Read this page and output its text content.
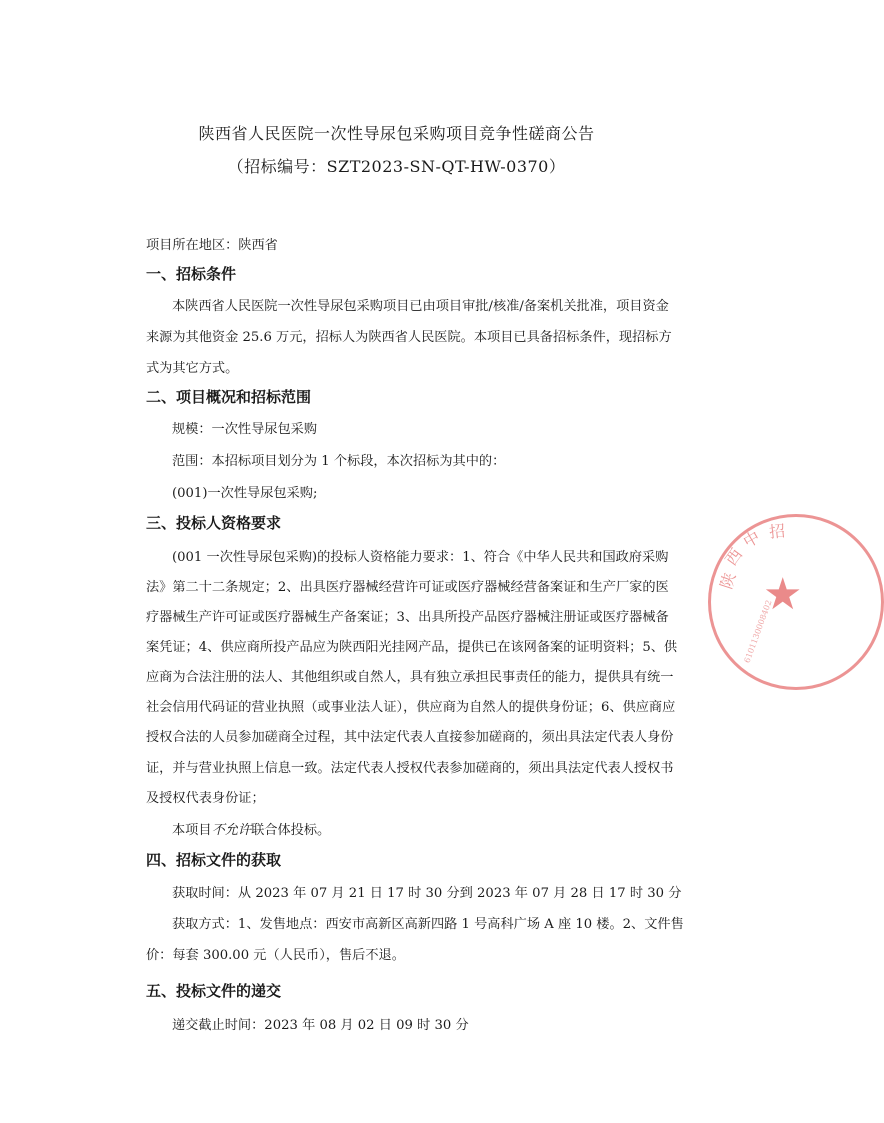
陕西省人民医院一次性导尿包采购项目竞争性磋商公告
（招标编号：SZT2023-SN-QT-HW-0370）
项目所在地区：陕西省
一、招标条件
本陕西省人民医院一次性导尿包采购项目已由项目审批/核准/备案机关批准，项目资金
来源为其他资金 25.6 万元，招标人为陕西省人民医院。本项目已具备招标条件，现招标方
式为其它方式。
二、项目概况和招标范围
规模：一次性导尿包采购
范围：本招标项目划分为 1 个标段，本次招标为其中的：
(001)一次性导尿包采购;
三、投标人资格要求
(001 一次性导尿包采购)的投标人资格能力要求：1、符合《中华人民共和国政府采购
法》第二十二条规定；2、出具医疗器械经营许可证或医疗器械经营备案证和生产厂家的医
疗器械生产许可证或医疗器械生产备案证；3、出具所投产品医疗器械注册证或医疗器械备
案凭证；4、供应商所投产品应为陕西阳光挂网产品，提供已在该网备案的证明资料；5、供
应商为合法注册的法人、其他组织或自然人，具有独立承担民事责任的能力，提供具有统一
社会信用代码证的营业执照（或事业法人证），供应商为自然人的提供身份证；6、供应商应
授权合法的人员参加磋商全过程，其中法定代表人直接参加磋商的，须出具法定代表人身份
证，并与营业执照上信息一致。法定代表人授权代表参加磋商的，须出具法定代表人授权书
及授权代表身份证；
本项目不允许联合体投标。
四、招标文件的获取
获取时间：从 2023 年 07 月 21 日 17 时 30 分到 2023 年 07 月 28 日 17 时 30 分
获取方式：1、发售地点：西安市高新区高新四路 1 号高科广场 A 座 10 楼。2、文件售
价：每套 300.00 元（人民币），售后不退。
五、投标文件的递交
递交截止时间：2023 年 08 月 02 日 09 时 30 分
陕
西
中 招
★
6101130008402
